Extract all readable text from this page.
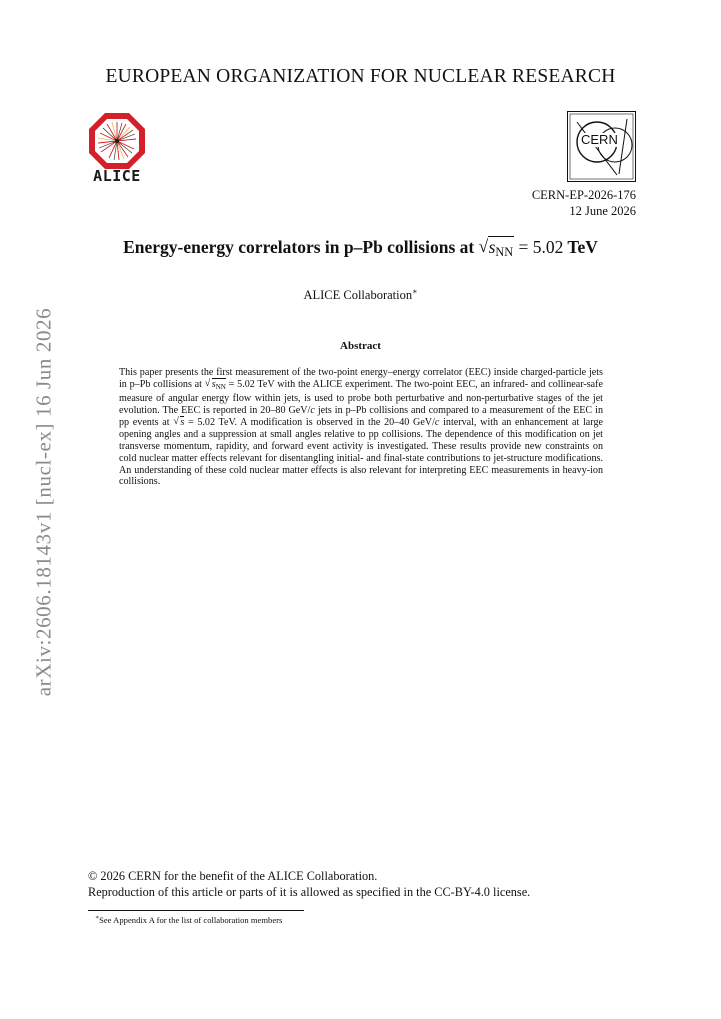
EUROPEAN ORGANIZATION FOR NUCLEAR RESEARCH
ALICE
CERN
CERN-EP-2026-176
12 June 2026
Energy-energy correlators in p–Pb collisions at √ $s_{NN} = 5.02$ TeV
ALICE Collaboration∗
Abstract
This paper presents the first measurement of the two-point energy–energy correlator (EEC) inside charged-particle jets in p–Pb collisions at √ $s_{NN} = 5.02$ TeV with the ALICE experiment. The two-point EEC, an infrared- and collinear-safe measure of angular energy flow within jets, is used to probe both perturbative and non-perturbative stages of the jet evolution. The EEC is reported in 20–80 GeV/c jets in p–Pb collisions and compared to a measurement of the EEC in pp events at √ s = 5.02 TeV. A modification is observed in the 20–40 GeV/c interval, with an enhancement at large opening angles and a suppression at small angles relative to pp collisions. The dependence of this modification on jet transverse momentum, rapidity, and forward event activity is investigated. These results provide new constraints on cold nuclear matter effects relevant for disentangling initial- and final-state contributions to jet-structure modifications. An understanding of these cold nuclear matter effects is also relevant for interpreting EEC measurements in heavy-ion collisions.
arXiv:2606.18143v1 [nucl-ex] 16 Jun 2026
© 2026 CERN for the benefit of the ALICE Collaboration.
Reproduction of this article or parts of it is allowed as specified in the CC-BY-4.0 license.
∗See Appendix A for the list of collaboration members
